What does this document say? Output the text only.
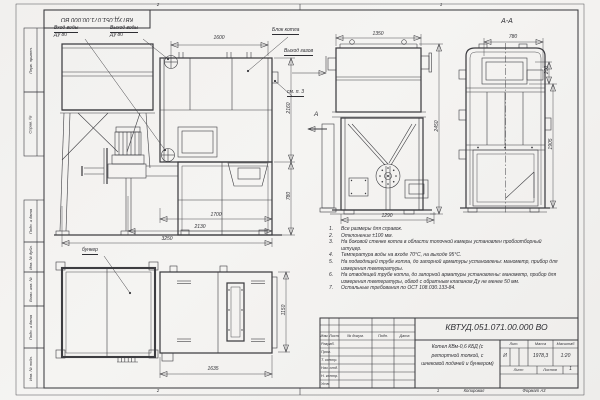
КВТУД.051.071.00.000 ВО
Перв. примен.
Справ. №
Подп. и дата
Инв. № дубл.
Взам. инв. №
Подп. и дата
Инв. № подл.
2	1
2	1
Вход воды
Ду 80
Выход воды
Ду 80
Блок котла
Выход газов
см. п. 3
А
А-А
бункер
1600
2160
780
1700
2130
3250
1350
1290
2450
780
200
1905
1635
1150
1.	Все размеры для справок.
2.	Отклонение ±100 мм.
3.	На боковой стенке котла в области топочной камеры установлен пробоотборный штуцер.
4.	Температура воды на входе 70°С, на выходе 95°С.
5.	На подводящей трубе котла, до запорной арматуры установлены: манометр, прибор для измерения температуры.
6.	На отводящей трубе котла, до запорной арматуры установлены: манометр, прибор для измерения температуры, обвод с обратным клапаном Ду не менее 50 мм.
7.	Остальные требования по ОСТ 108.030.133-84.
КВТУД.051.071.00.000 ВО
Котел КВм-0,6 КБД (с
ретортной топкой, с
шнековой подачей и бункером)
Изм. Лист	№ докум.	Подп.	Дата
Разраб.
Пров.
Т. контр.
Нач. отд.
Н. контр.
Утв.
Лит.	Масса	Масштаб
И	1978,3	1:20
Лист	Листов	1
Копировал	Формат А3
